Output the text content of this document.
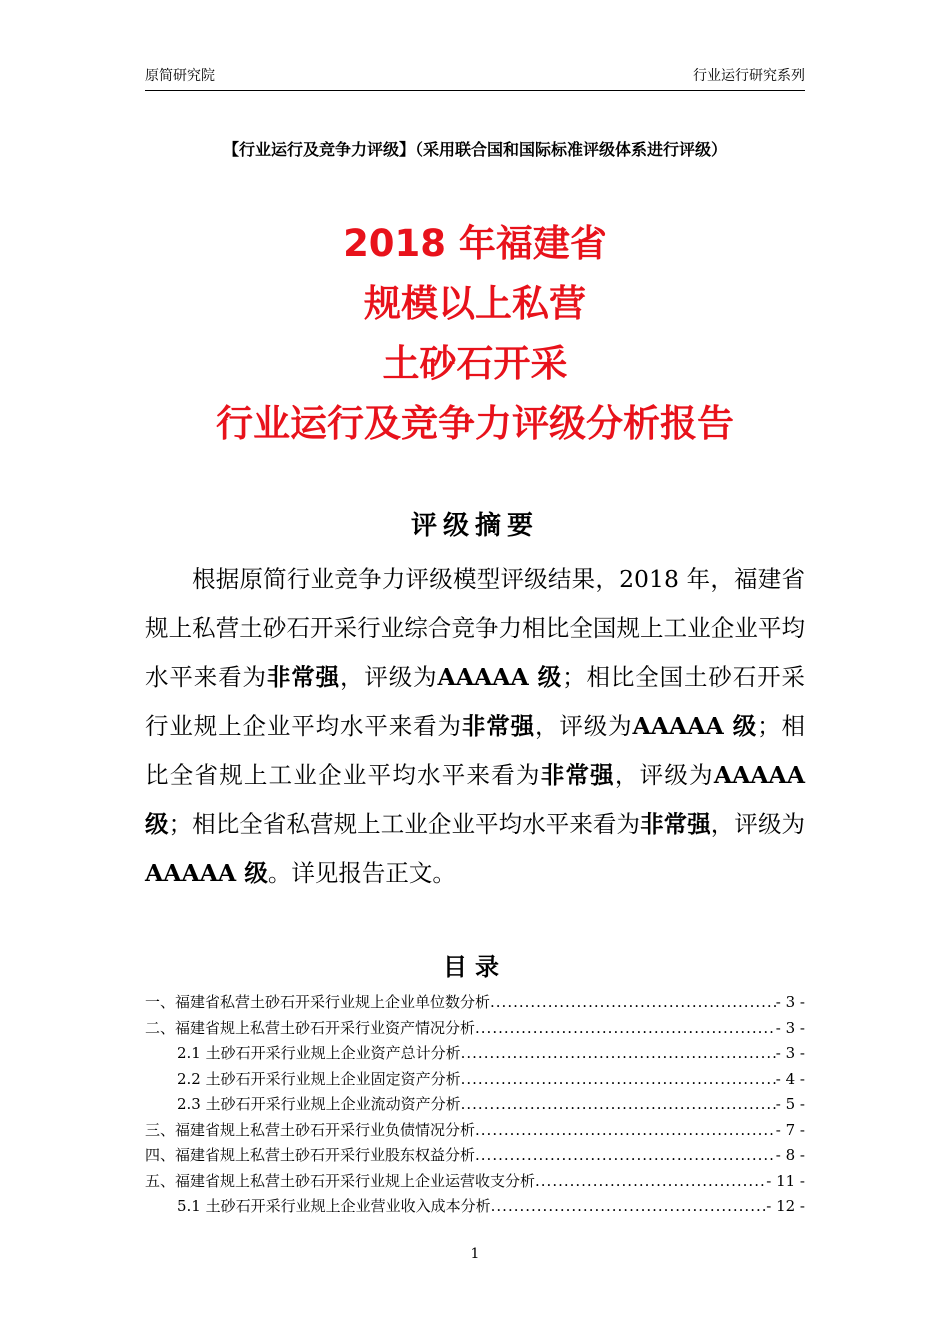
原简研究院	行业运行研究系列
【行业运行及竞争力评级】（采用联合国和国际标准评级体系进行评级）
2018 年福建省
规模以上私营
土砂石开采
行业运行及竞争力评级分析报告
评级摘要
根据原简行业竞争力评级模型评级结果，2018 年，福建省规上私营土砂石开采行业综合竞争力相比全国规上工业企业平均水平来看为非常强，评级为AAAAA 级；相比全国土砂石开采行业规上企业平均水平来看为非常强，评级为AAAAA 级；相比全省规上工业企业平均水平来看为非常强，评级为AAAAA 级；相比全省私营规上工业企业平均水平来看为非常强，评级为AAAAA 级。详见报告正文。
目录
一、福建省私营土砂石开采行业规上企业单位数分析 .....	- 3 -
二、福建省规上私营土砂石开采行业资产情况分析 .....	- 3 -
2.1 土砂石开采行业规上企业资产总计分析 .....	- 3 -
2.2 土砂石开采行业规上企业固定资产分析 .....	- 4 -
2.3 土砂石开采行业规上企业流动资产分析 .....	- 5 -
三、福建省规上私营土砂石开采行业负债情况分析 .....	- 7 -
四、福建省规上私营土砂石开采行业股东权益分析 .....	- 8 -
五、福建省规上私营土砂石开采行业规上企业运营收支分析 .....	- 11 -
5.1 土砂石开采行业规上企业营业收入成本分析 .....	- 12 -
1
